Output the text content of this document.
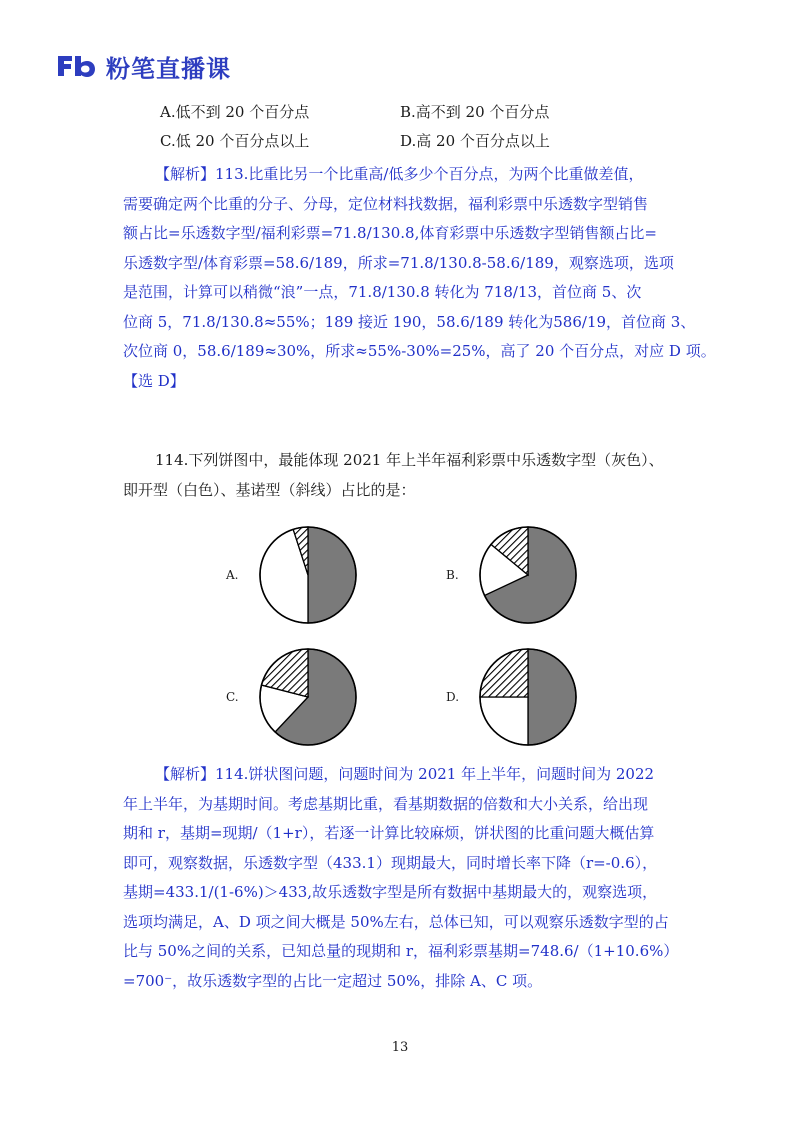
粉笔直播课
A.低不到 20 个百分点	B.高不到 20 个百分点
C.低 20 个百分点以上	D.高 20 个百分点以上

【解析】113.比重比另一个比重高/低多少个百分点，为两个比重做差值，

需要确定两个比重的分子、分母，定位材料找数据，福利彩票中乐透数字型销售

额占比=乐透数字型/福利彩票=71.8/130.8,体育彩票中乐透数字型销售额占比=

乐透数字型/体育彩票=58.6/189，所求=71.8/130.8-58.6/189，观察选项，选项

是范围，计算可以稍微“浪”一点，71.8/130.8 转化为 718/13，首位商 5、次

位商 5，71.8/130.8≈55%；189 接近 190，58.6/189 转化为586/19，首位商 3、

次位商 0，58.6/189≈30%，所求≈55%-30%=25%，高了 20 个百分点，对应 D 项。

【选 D】

114.下列饼图中，最能体现 2021 年上半年福利彩票中乐透数字型（灰色）、

即开型（白色）、基诺型（斜线）占比的是：

A.	B.
C.	D.

【解析】114.饼状图问题，问题时间为 2021 年上半年，问题时间为 2022

年上半年，为基期时间。考虑基期比重，看基期数据的倍数和大小关系，给出现

期和 r，基期=现期/（1+r），若逐一计算比较麻烦，饼状图的比重问题大概估算

即可，观察数据，乐透数字型（433.1）现期最大，同时增长率下降（r=-0.6），

基期=433.1/(1-6%)＞433,故乐透数字型是所有数据中基期最大的，观察选项，

选项均满足，A、D 项之间大概是 50%左右，总体已知，可以观察乐透数字型的占

比与 50%之间的关系，已知总量的现期和 r，福利彩票基期=748.6/（1+10.6%）

=700⁻，故乐透数字型的占比一定超过 50%，排除 A、C 项。

13
